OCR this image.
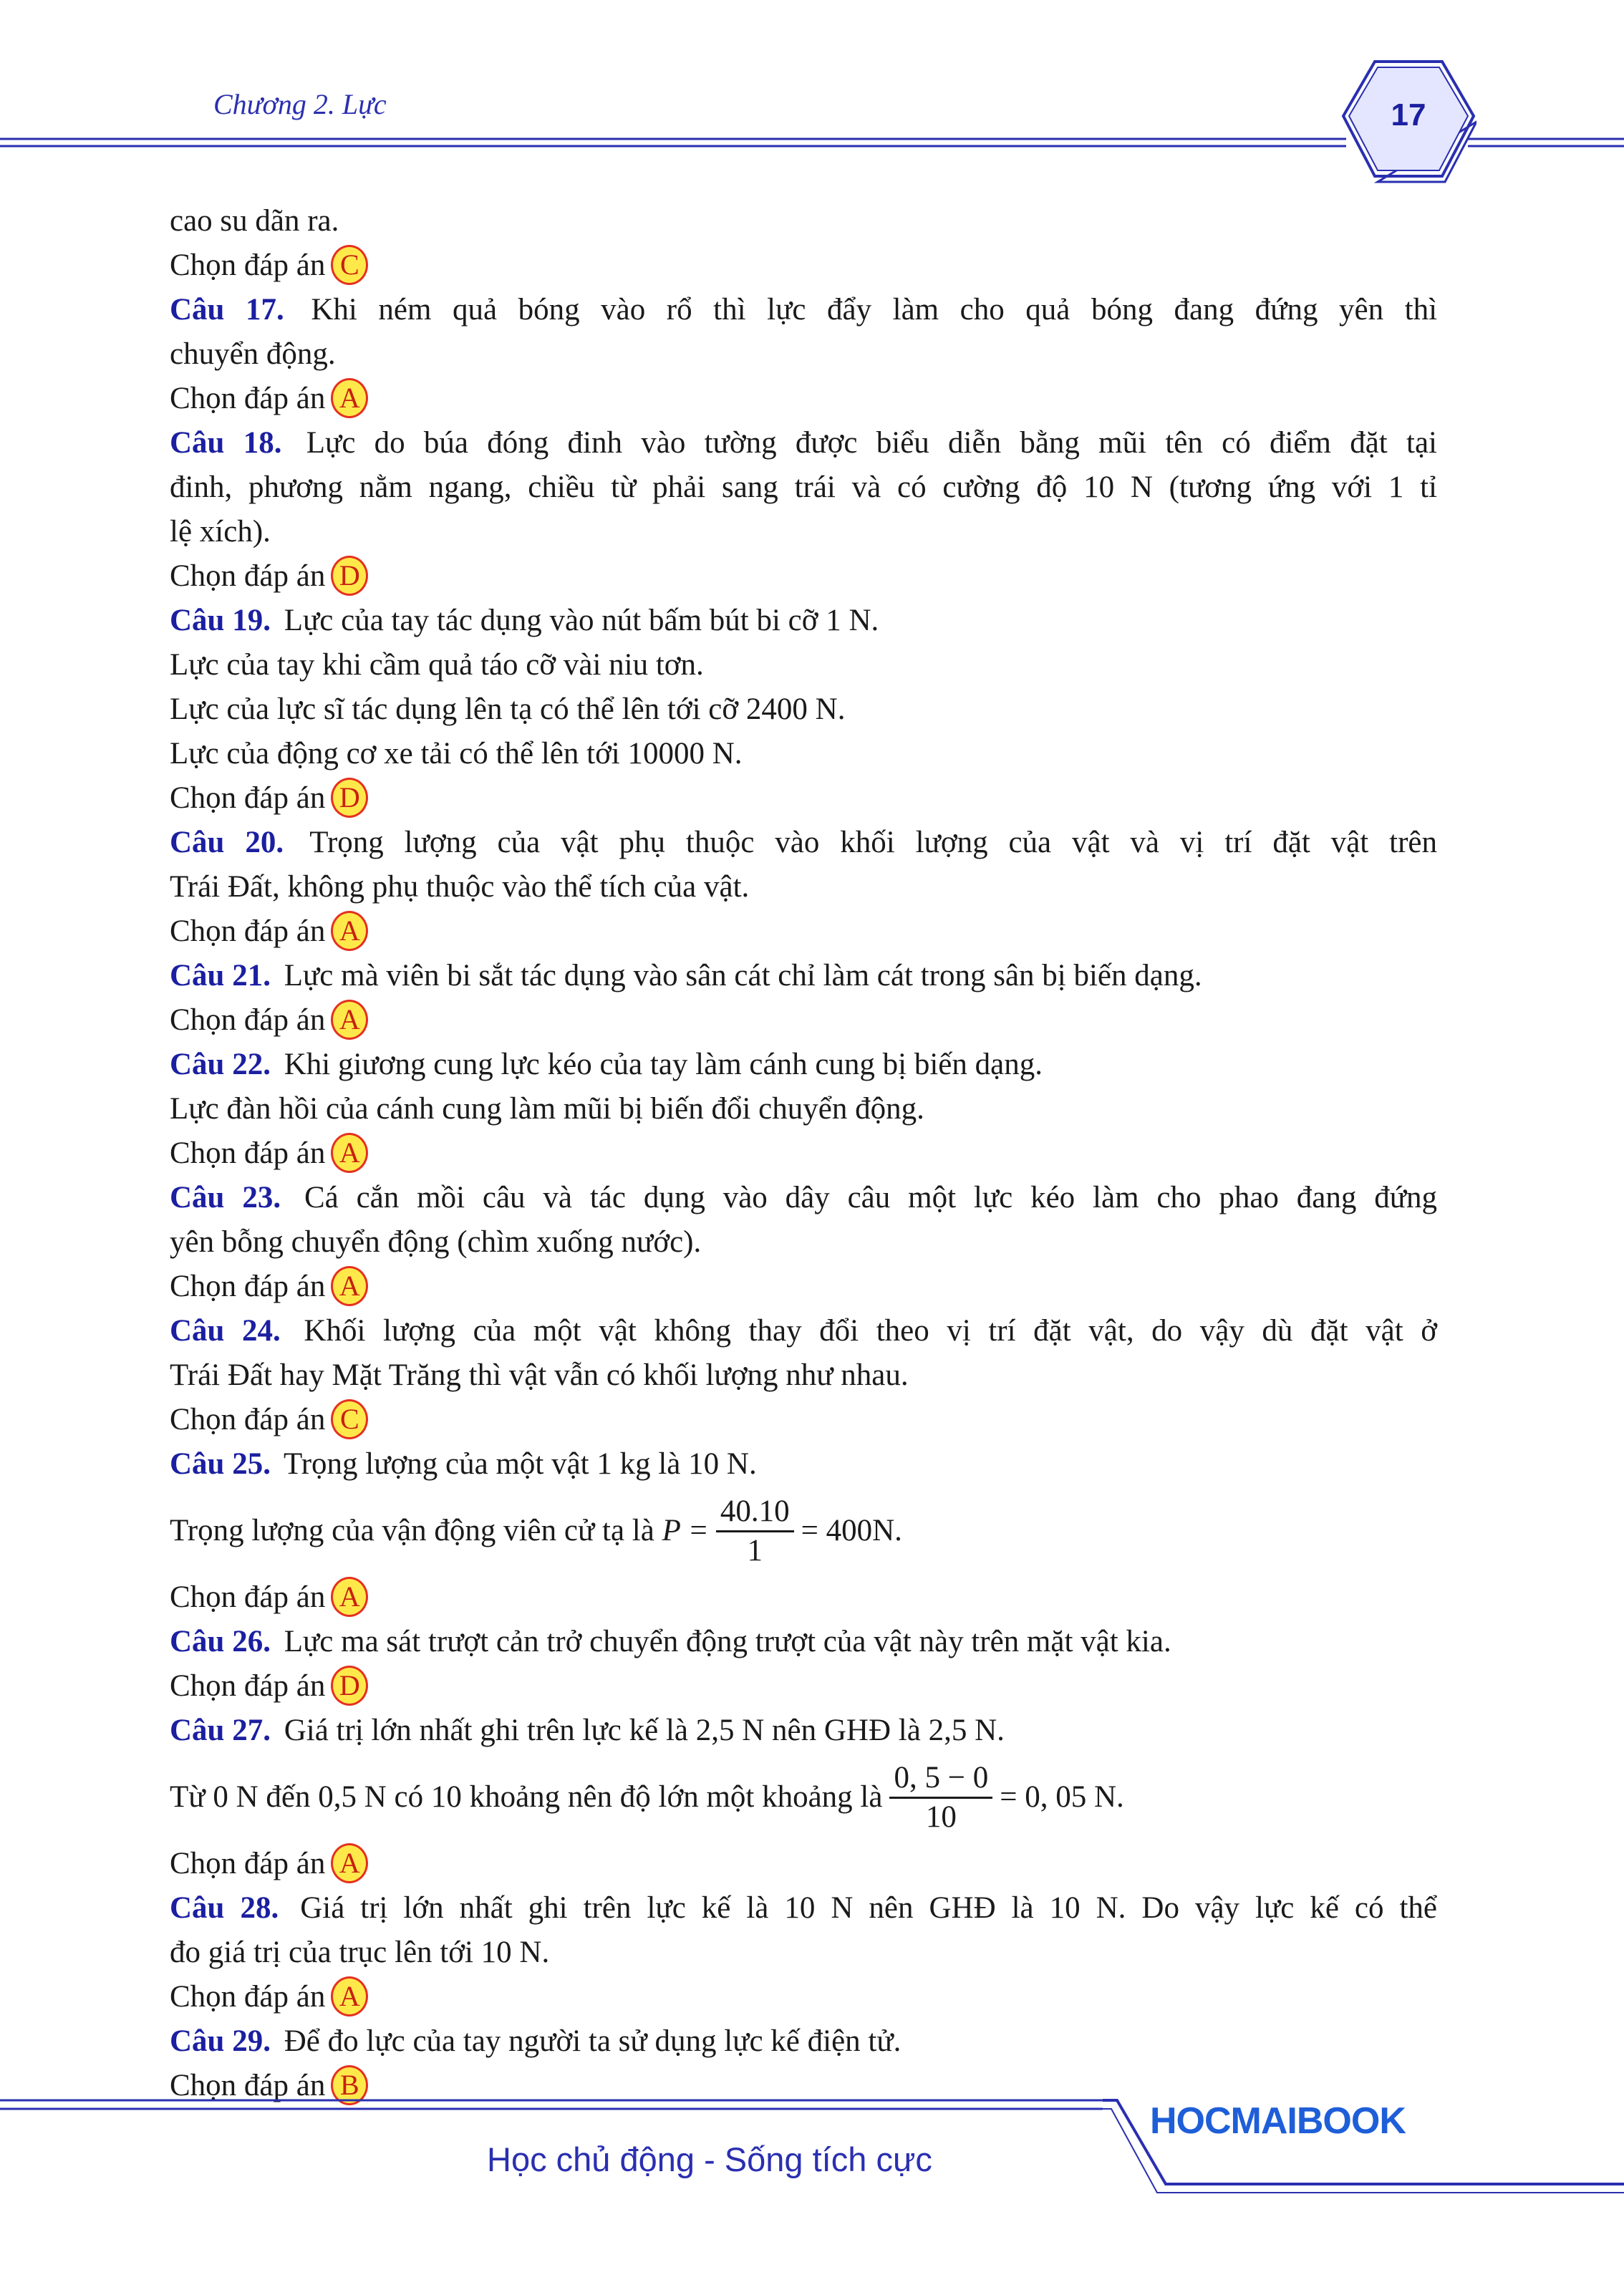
Chương 2. Lực	17
cao su dãn ra.
Chọn đáp án C
Câu 17. Khi ném quả bóng vào rổ thì lực đẩy làm cho quả bóng đang đứng yên thì
chuyển động.
Chọn đáp án A
Câu 18. Lực do búa đóng đinh vào tường được biểu diễn bằng mũi tên có điểm đặt tại
đinh, phương nằm ngang, chiều từ phải sang trái và có cường độ 10 N (tương ứng với 1 tỉ
lệ xích).
Chọn đáp án D
Câu 19. Lực của tay tác dụng vào nút bấm bút bi cỡ 1 N.
Lực của tay khi cầm quả táo cỡ vài niu tơn.
Lực của lực sĩ tác dụng lên tạ có thể lên tới cỡ 2400 N.
Lực của động cơ xe tải có thể lên tới 10000 N.
Chọn đáp án D
Câu 20. Trọng lượng của vật phụ thuộc vào khối lượng của vật và vị trí đặt vật trên
Trái Đất, không phụ thuộc vào thể tích của vật.
Chọn đáp án A
Câu 21. Lực mà viên bi sắt tác dụng vào sân cát chỉ làm cát trong sân bị biến dạng.
Chọn đáp án A
Câu 22. Khi giương cung lực kéo của tay làm cánh cung bị biến dạng.
Lực đàn hồi của cánh cung làm mũi bị biến đổi chuyển động.
Chọn đáp án A
Câu 23. Cá cắn mồi câu và tác dụng vào dây câu một lực kéo làm cho phao đang đứng
yên bỗng chuyển động (chìm xuống nước).
Chọn đáp án A
Câu 24. Khối lượng của một vật không thay đổi theo vị trí đặt vật, do vậy dù đặt vật ở
Trái Đất hay Mặt Trăng thì vật vẫn có khối lượng như nhau.
Chọn đáp án C
Câu 25. Trọng lượng của một vật 1 kg là 10 N.
Trọng lượng của vận động viên cử tạ là
$P = \frac{40.10}{1} = 400N$.
Chọn đáp án A
Câu 26. Lực ma sát trượt cản trở chuyển động trượt của vật này trên mặt vật kia.
Chọn đáp án D
Câu 27. Giá trị lớn nhất ghi trên lực kế là 2,5 N nên GHĐ là 2,5 N.
Từ 0 N đến 0,5 N có 10 khoảng nên độ lớn một khoảng là $\frac{0, 5 - 0}{10} = 0$, 05 N.
Chọn đáp án A
Câu 28. Giá trị lớn nhất ghi trên lực kế là 10 N nên GHĐ là 10 N. Do vậy lực kế có thể
đo giá trị của trục lên tới 10 N.
Chọn đáp án A
Câu 29. Để đo lực của tay người ta sử dụng lực kế điện tử.
Chọn đáp án B
Học chủ động - Sống tích cực
HOCMAIBOOK
